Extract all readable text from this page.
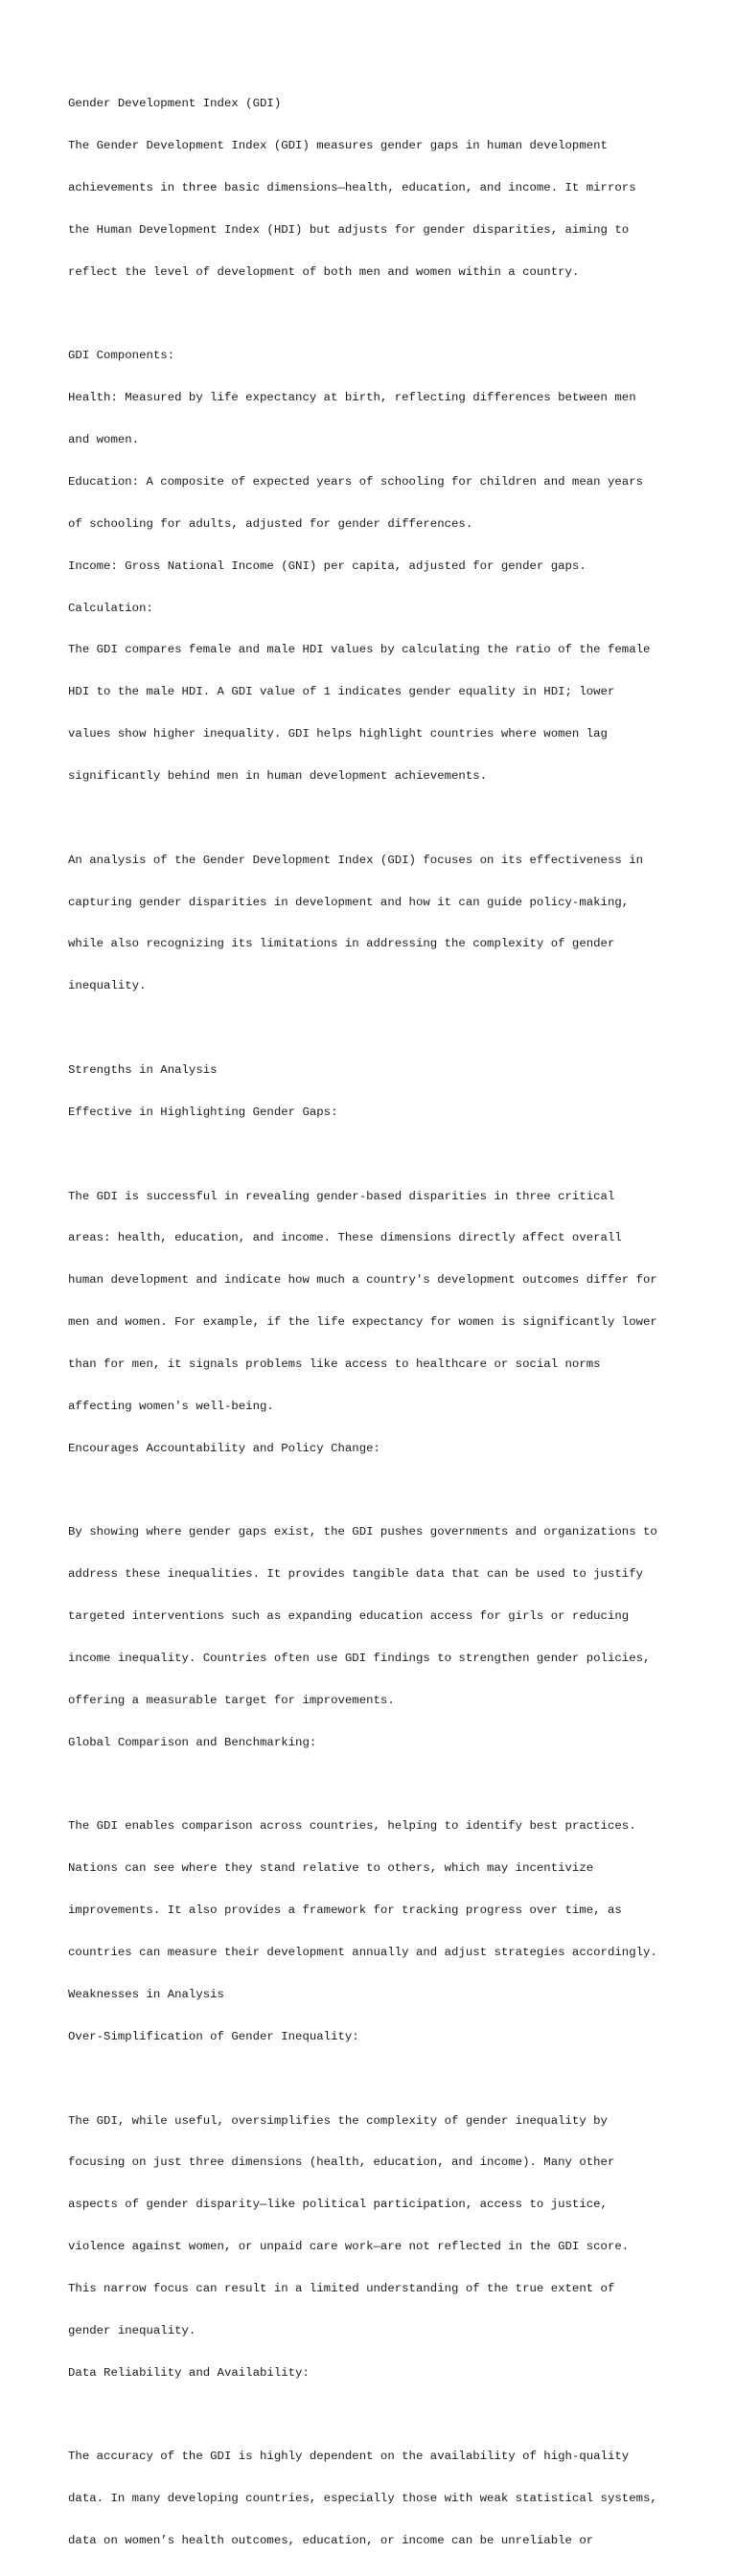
Gender Development Index (GDI)

The Gender Development Index (GDI) measures gender gaps in human development

achievements in three basic dimensions—health, education, and income. It mirrors

the Human Development Index (HDI) but adjusts for gender disparities, aiming to

reflect the level of development of both men and women within a country.

GDI Components:

Health: Measured by life expectancy at birth, reflecting differences between men

and women.

Education: A composite of expected years of schooling for children and mean years

of schooling for adults, adjusted for gender differences.

Income: Gross National Income (GNI) per capita, adjusted for gender gaps.

Calculation:

The GDI compares female and male HDI values by calculating the ratio of the female

HDI to the male HDI. A GDI value of 1 indicates gender equality in HDI; lower

values show higher inequality. GDI helps highlight countries where women lag

significantly behind men in human development achievements.

An analysis of the Gender Development Index (GDI) focuses on its effectiveness in

capturing gender disparities in development and how it can guide policy-making,

while also recognizing its limitations in addressing the complexity of gender

inequality.

Strengths in Analysis

Effective in Highlighting Gender Gaps:

The GDI is successful in revealing gender-based disparities in three critical

areas: health, education, and income. These dimensions directly affect overall

human development and indicate how much a country's development outcomes differ for

men and women. For example, if the life expectancy for women is significantly lower

than for men, it signals problems like access to healthcare or social norms

affecting women's well-being.

Encourages Accountability and Policy Change:

By showing where gender gaps exist, the GDI pushes governments and organizations to

address these inequalities. It provides tangible data that can be used to justify

targeted interventions such as expanding education access for girls or reducing

income inequality. Countries often use GDI findings to strengthen gender policies,

offering a measurable target for improvements.

Global Comparison and Benchmarking:

The GDI enables comparison across countries, helping to identify best practices.

Nations can see where they stand relative to others, which may incentivize

improvements. It also provides a framework for tracking progress over time, as

countries can measure their development annually and adjust strategies accordingly.

Weaknesses in Analysis

Over-Simplification of Gender Inequality:

The GDI, while useful, oversimplifies the complexity of gender inequality by

focusing on just three dimensions (health, education, and income). Many other

aspects of gender disparity—like political participation, access to justice,

violence against women, or unpaid care work—are not reflected in the GDI score.

This narrow focus can result in a limited understanding of the true extent of

gender inequality.

Data Reliability and Availability:

The accuracy of the GDI is highly dependent on the availability of high-quality

data. In many developing countries, especially those with weak statistical systems,

data on women’s health outcomes, education, or income can be unreliable or
